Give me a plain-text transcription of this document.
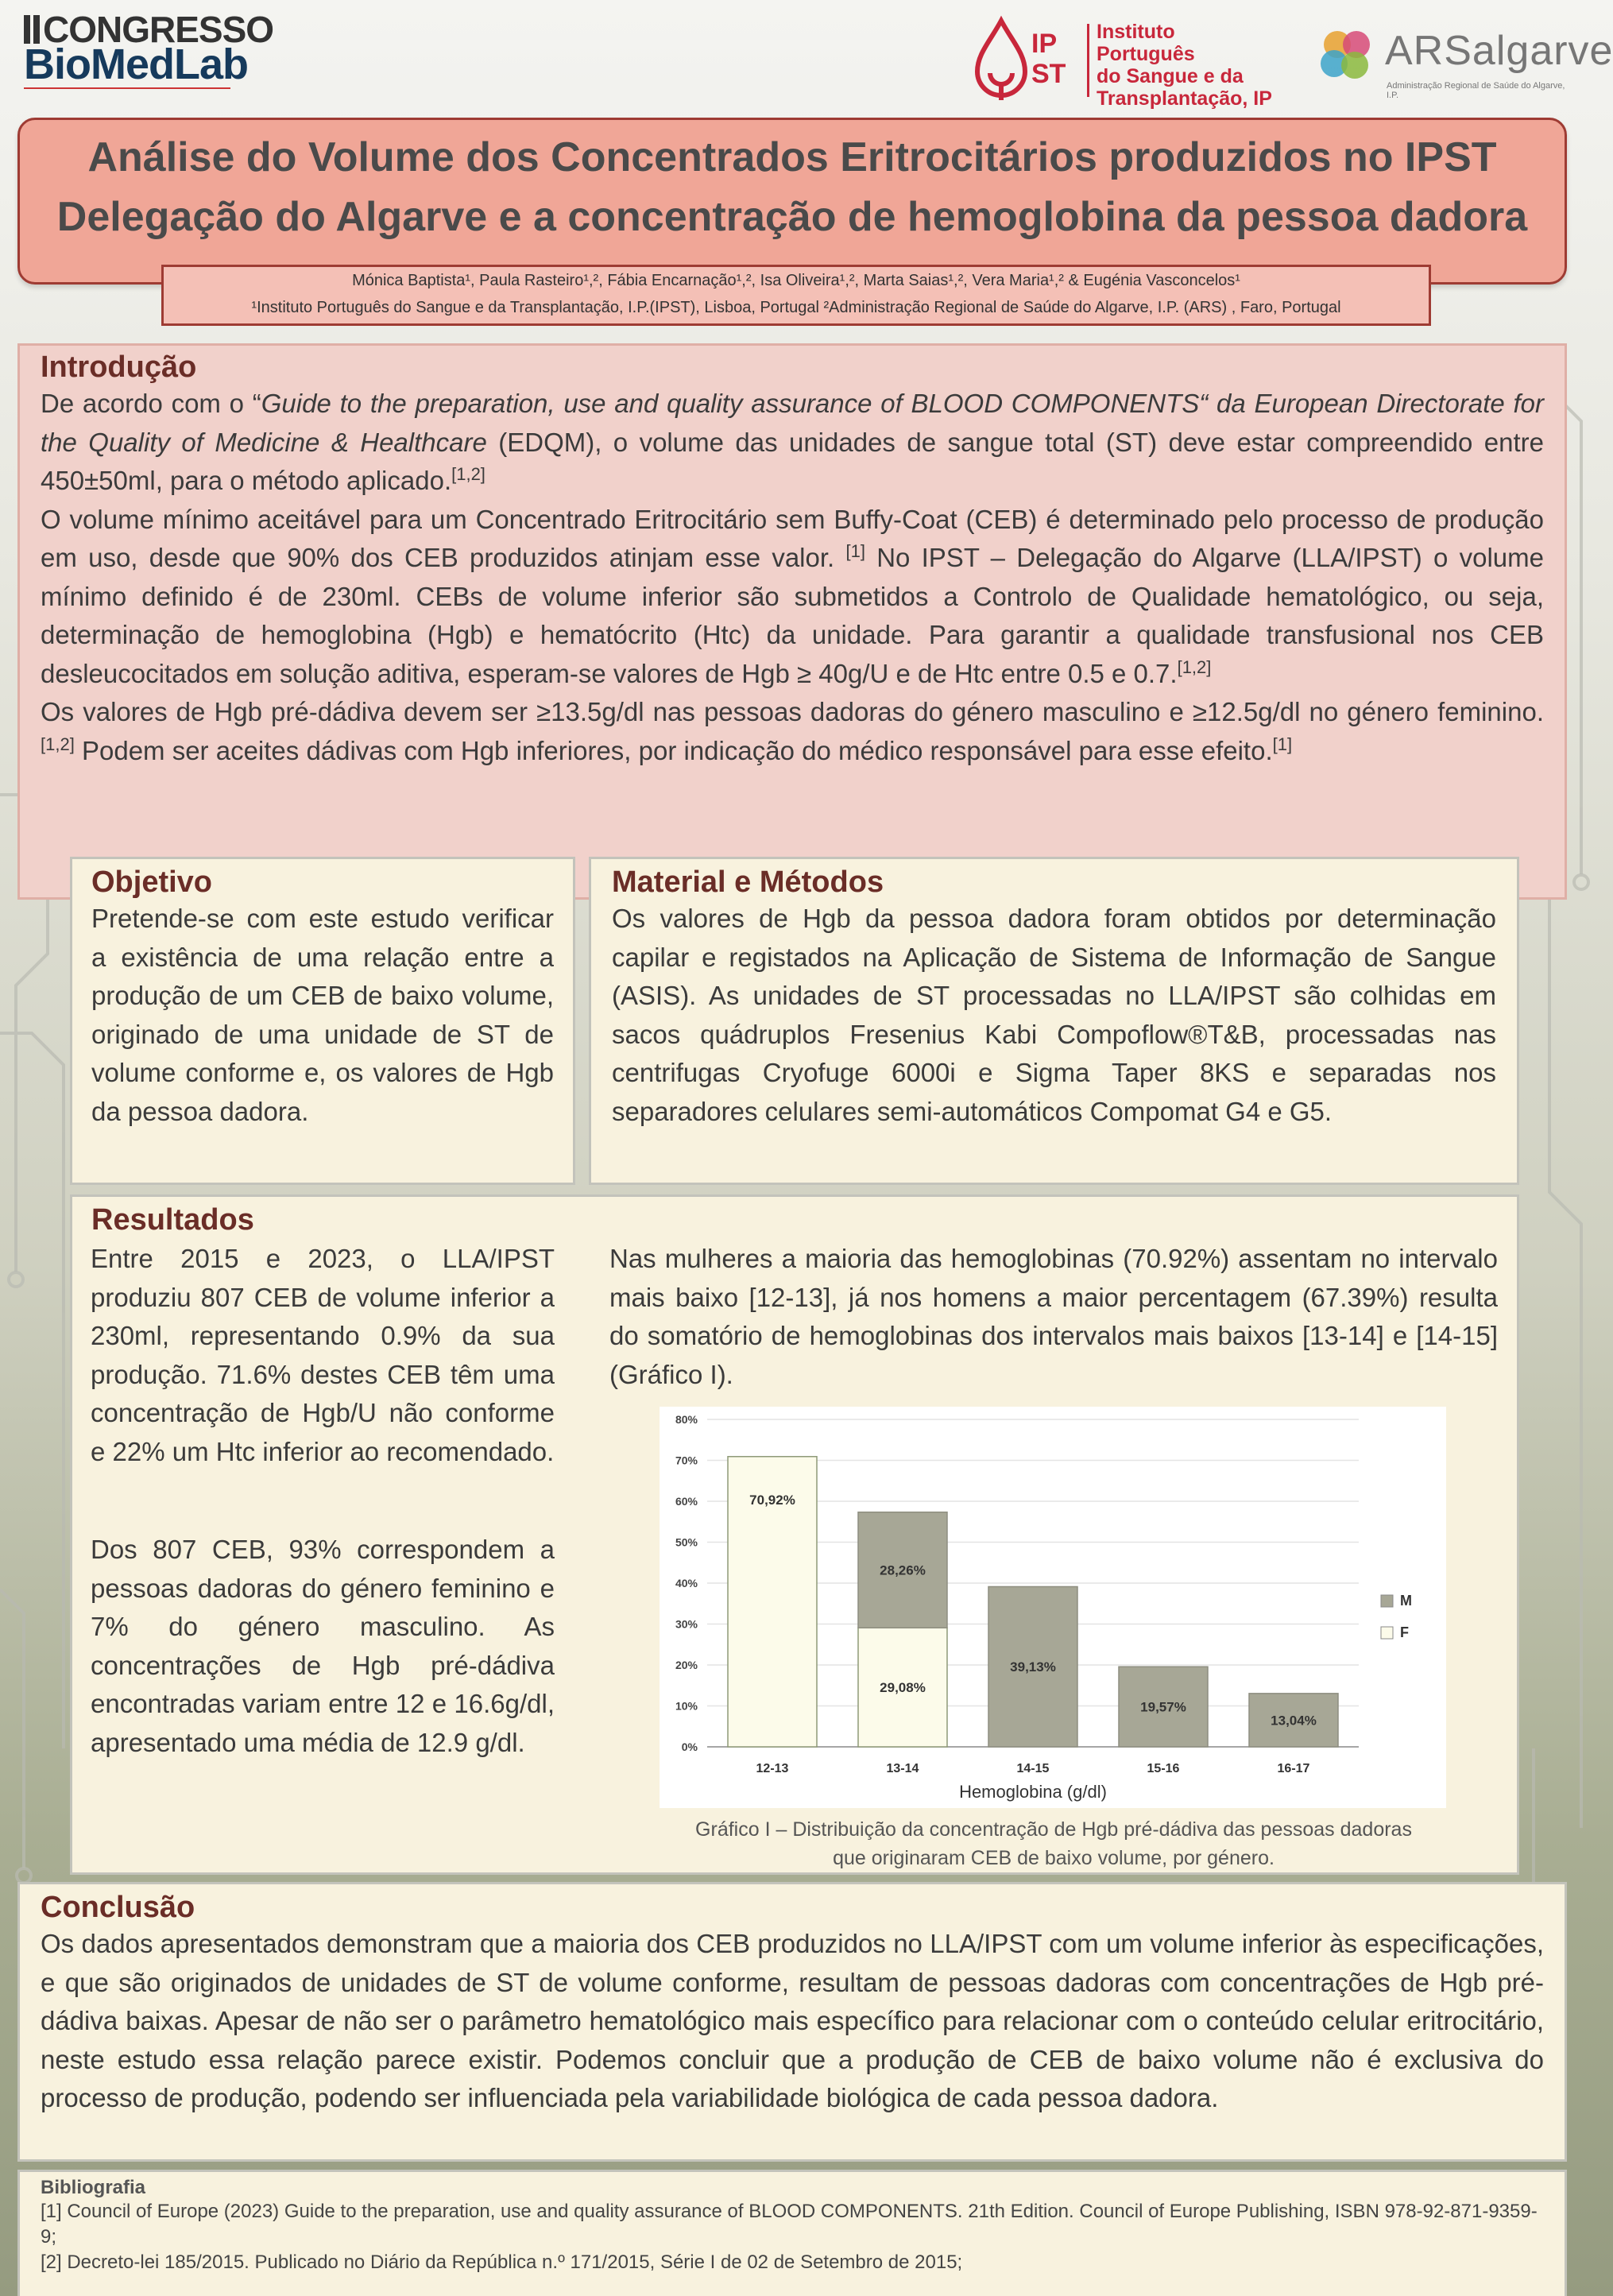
CONGRESSO
BioMedLab	IP
ST
Instituto Português
do Sangue e da
Transplantação, IP
ARSalgarve
Administração Regional de Saúde do Algarve, I.P.
Análise do Volume dos Concentrados Eritrocitários produzidos no IPST
Delegação do Algarve e a concentração de hemoglobina da pessoa dadora
Mónica Baptista¹, Paula Rasteiro¹,², Fábia Encarnação¹,², Isa Oliveira¹,², Marta Saias¹,², Vera Maria¹,² & Eugénia Vasconcelos¹
¹Instituto Português do Sangue e da Transplantação, I.P.(IPST), Lisboa, Portugal ²Administração Regional de Saúde do Algarve, I.P. (ARS) , Faro, Portugal
Introdução

De acordo com o “Guide to the preparation, use and quality assurance of BLOOD COMPONENTS“ da European Directorate for the Quality of Medicine & Healthcare (EDQM), o volume das unidades de sangue total (ST) deve estar compreendido entre 450±50ml, para o método aplicado.[1,2]

O volume mínimo aceitável para um Concentrado Eritrocitário sem Buffy-Coat (CEB) é determinado pelo processo de produção em uso, desde que 90% dos CEB produzidos atinjam esse valor. [1] No IPST – Delegação do Algarve (LLA/IPST) o volume mínimo definido é de 230ml. CEBs de volume inferior são submetidos a Controlo de Qualidade hematológico, ou seja, determinação de hemoglobina (Hgb) e hematócrito (Htc) da unidade. Para garantir a qualidade transfusional nos CEB desleucocitados em solução aditiva, esperam-se valores de Hgb ≥ 40g/U e de Htc entre 0.5 e 0.7.[1,2]

Os valores de Hgb pré-dádiva devem ser ≥13.5g/dl nas pessoas dadoras do género masculino e ≥12.5g/dl no género feminino.[1,2] Podem ser aceites dádivas com Hgb inferiores, por indicação do médico responsável para esse efeito.[1]

Objetivo
Pretende-se com este estudo verificar a existência de uma relação entre a produção de um CEB de baixo volume, originado de uma unidade de ST de volume conforme e, os valores de Hgb da pessoa dadora.
Material e Métodos
Os valores de Hgb da pessoa dadora foram obtidos por determinação capilar e registados na Aplicação de Sistema de Informação de Sangue (ASIS). As unidades de ST processadas no LLA/IPST são colhidas em sacos quádruplos Fresenius Kabi Compoflow®T&B, processadas nas centrifugas Cryofuge 6000i e Sigma Taper 8KS e separadas nos separadores celulares semi-automáticos Compomat G4 e G5.
Resultados
Entre 2015 e 2023, o LLA/IPST produziu 807 CEB de volume inferior a 230ml, representando 0.9% da sua produção. 71.6% destes CEB têm uma concentração de Hgb/U não conforme e 22% um Htc inferior ao recomendado.
Dos 807 CEB, 93% correspondem a pessoas dadoras do género feminino e 7% do género masculino. As concentrações de Hgb pré-dádiva encontradas variam entre 12 e 16.6g/dl, apresentado uma média de 12.9 g/dl.
Nas mulheres a maioria das hemoglobinas (70.92%) assentam no intervalo mais baixo [12-13], já nos homens a maior percentagem (67.39%) resulta do somatório de hemoglobinas dos intervalos mais baixos [13-14] e [14-15] (Gráfico I).
0%
10%
20%
30%
40%
50%
60%
70%
80%
70,92%
12-13
29,08%
28,26%
13-14
39,13%
14-15
19,57%
15-16
13,04%
16-17
Hemoglobina (g/dl)
M
F
Gráfico I – Distribuição da concentração de Hgb pré-dádiva das pessoas dadoras
que originaram CEB de baixo volume, por género.
Conclusão
Os dados apresentados demonstram que a maioria dos CEB produzidos no LLA/IPST com um volume inferior às especificações, e que são originados de unidades de ST de volume conforme, resultam de pessoas dadoras com concentrações de Hgb pré-dádiva baixas. Apesar de não ser o parâmetro hematológico mais específico para relacionar com o conteúdo celular eritrocitário, neste estudo essa relação parece existir. Podemos concluir que a produção de CEB de baixo volume não é exclusiva do processo de produção, podendo ser influenciada pela variabilidade biológica de cada pessoa dadora.
Bibliografia
[1] Council of Europe (2023) Guide to the preparation, use and quality assurance of BLOOD COMPONENTS. 21th Edition. Council of Europe Publishing, ISBN 978-92-871-9359-9;
[2] Decreto-lei 185/2015. Publicado no Diário da República n.º 171/2015, Série I de 02 de Setembro de 2015;
